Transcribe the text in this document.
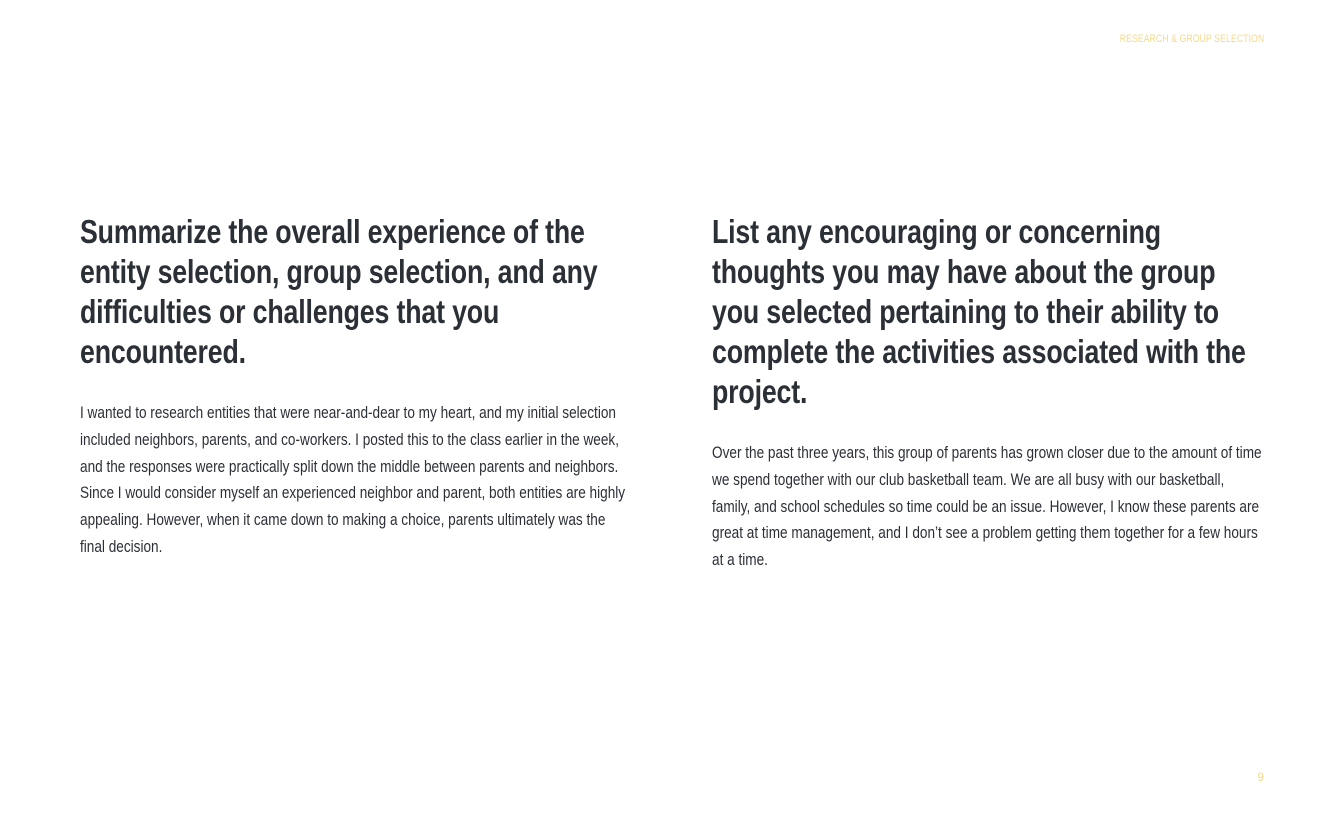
RESEARCH & GROUP SELECTION
Summarize the overall experience of the entity selection, group selection, and any difficulties or challenges that you encountered.

I wanted to research entities that were near-and-dear to my heart, and my initial selection included neighbors, parents, and co-workers. I posted this to the class earlier in the week, and the responses were practically split down the middle between parents and neighbors. Since I would consider myself an experienced neighbor and parent, both entities are highly appealing. However, when it came down to making a choice, parents ultimately was the final decision.

List any encouraging or concerning thoughts you may have about the group you selected pertaining to their ability to complete the activities associated with the project.

Over the past three years, this group of parents has grown closer due to the amount of time we spend together with our club basketball team. We are all busy with our basketball, family, and school schedules so time could be an issue. However, I know these parents are great at time management, and I don’t see a problem getting them together for a few hours at a time.

9
